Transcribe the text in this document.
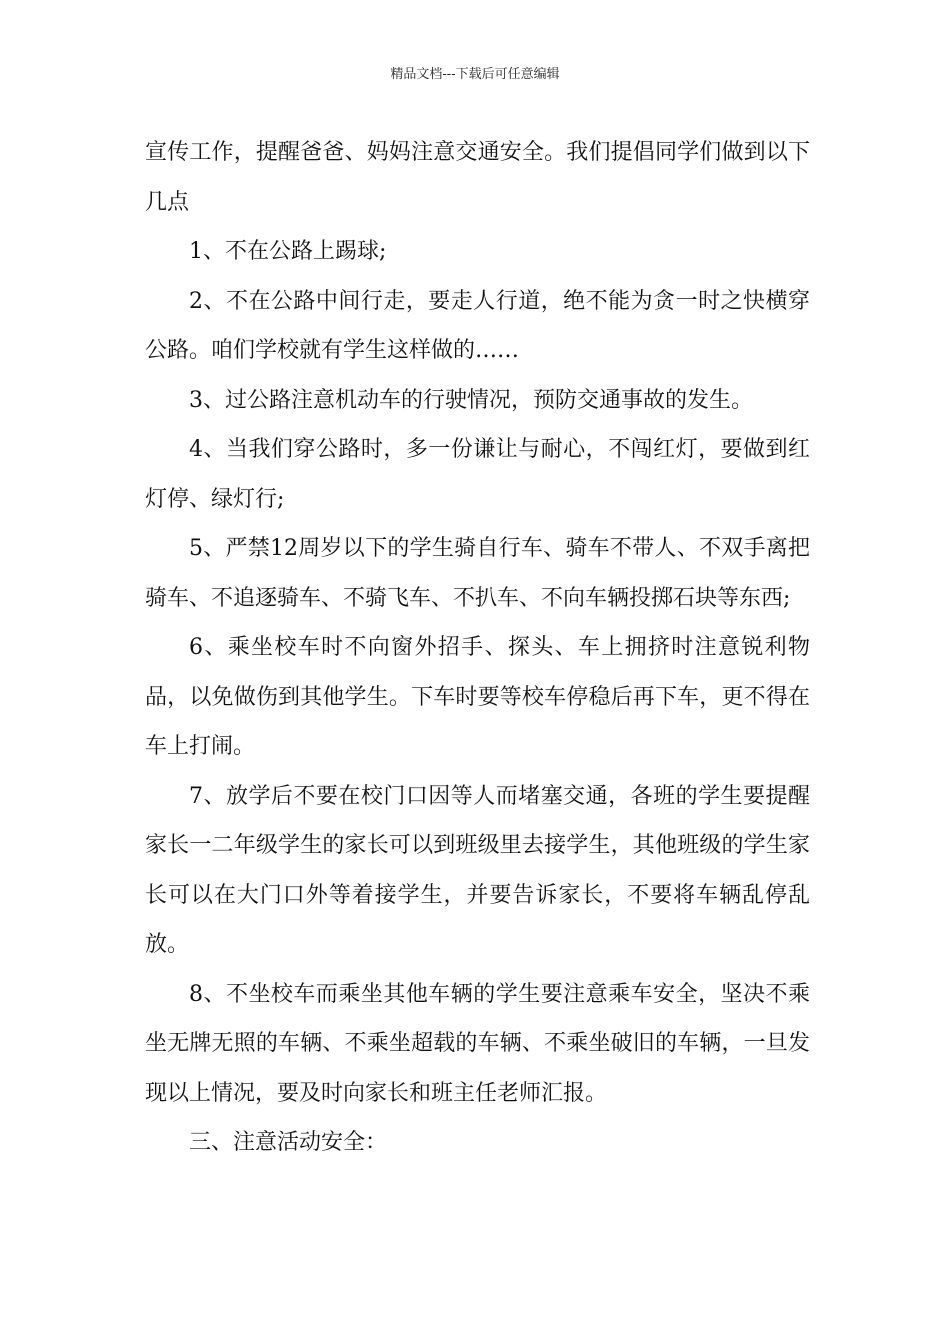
精品文档---下载后可任意编辑

宣传工作，提醒爸爸、妈妈注意交通安全。我们提倡同学们做到以下几点

1、不在公路上踢球;

2、不在公路中间行走，要走人行道，绝不能为贪一时之快横穿公路。咱们学校就有学生这样做的……

3、过公路注意机动车的行驶情况，预防交通事故的发生。

4、当我们穿公路时，多一份谦让与耐心，不闯红灯，要做到红灯停、绿灯行;

5、严禁12周岁以下的学生骑自行车、骑车不带人、不双手离把骑车、不追逐骑车、不骑飞车、不扒车、不向车辆投掷石块等东西;

6、乘坐校车时不向窗外招手、探头、车上拥挤时注意锐利物品，以免做伤到其他学生。下车时要等校车停稳后再下车，更不得在车上打闹。

7、放学后不要在校门口因等人而堵塞交通，各班的学生要提醒家长一二年级学生的家长可以到班级里去接学生，其他班级的学生家长可以在大门口外等着接学生，并要告诉家长，不要将车辆乱停乱放。

8、不坐校车而乘坐其他车辆的学生要注意乘车安全，坚决不乘坐无牌无照的车辆、不乘坐超载的车辆、不乘坐破旧的车辆，一旦发现以上情况，要及时向家长和班主任老师汇报。

三、注意活动安全：
